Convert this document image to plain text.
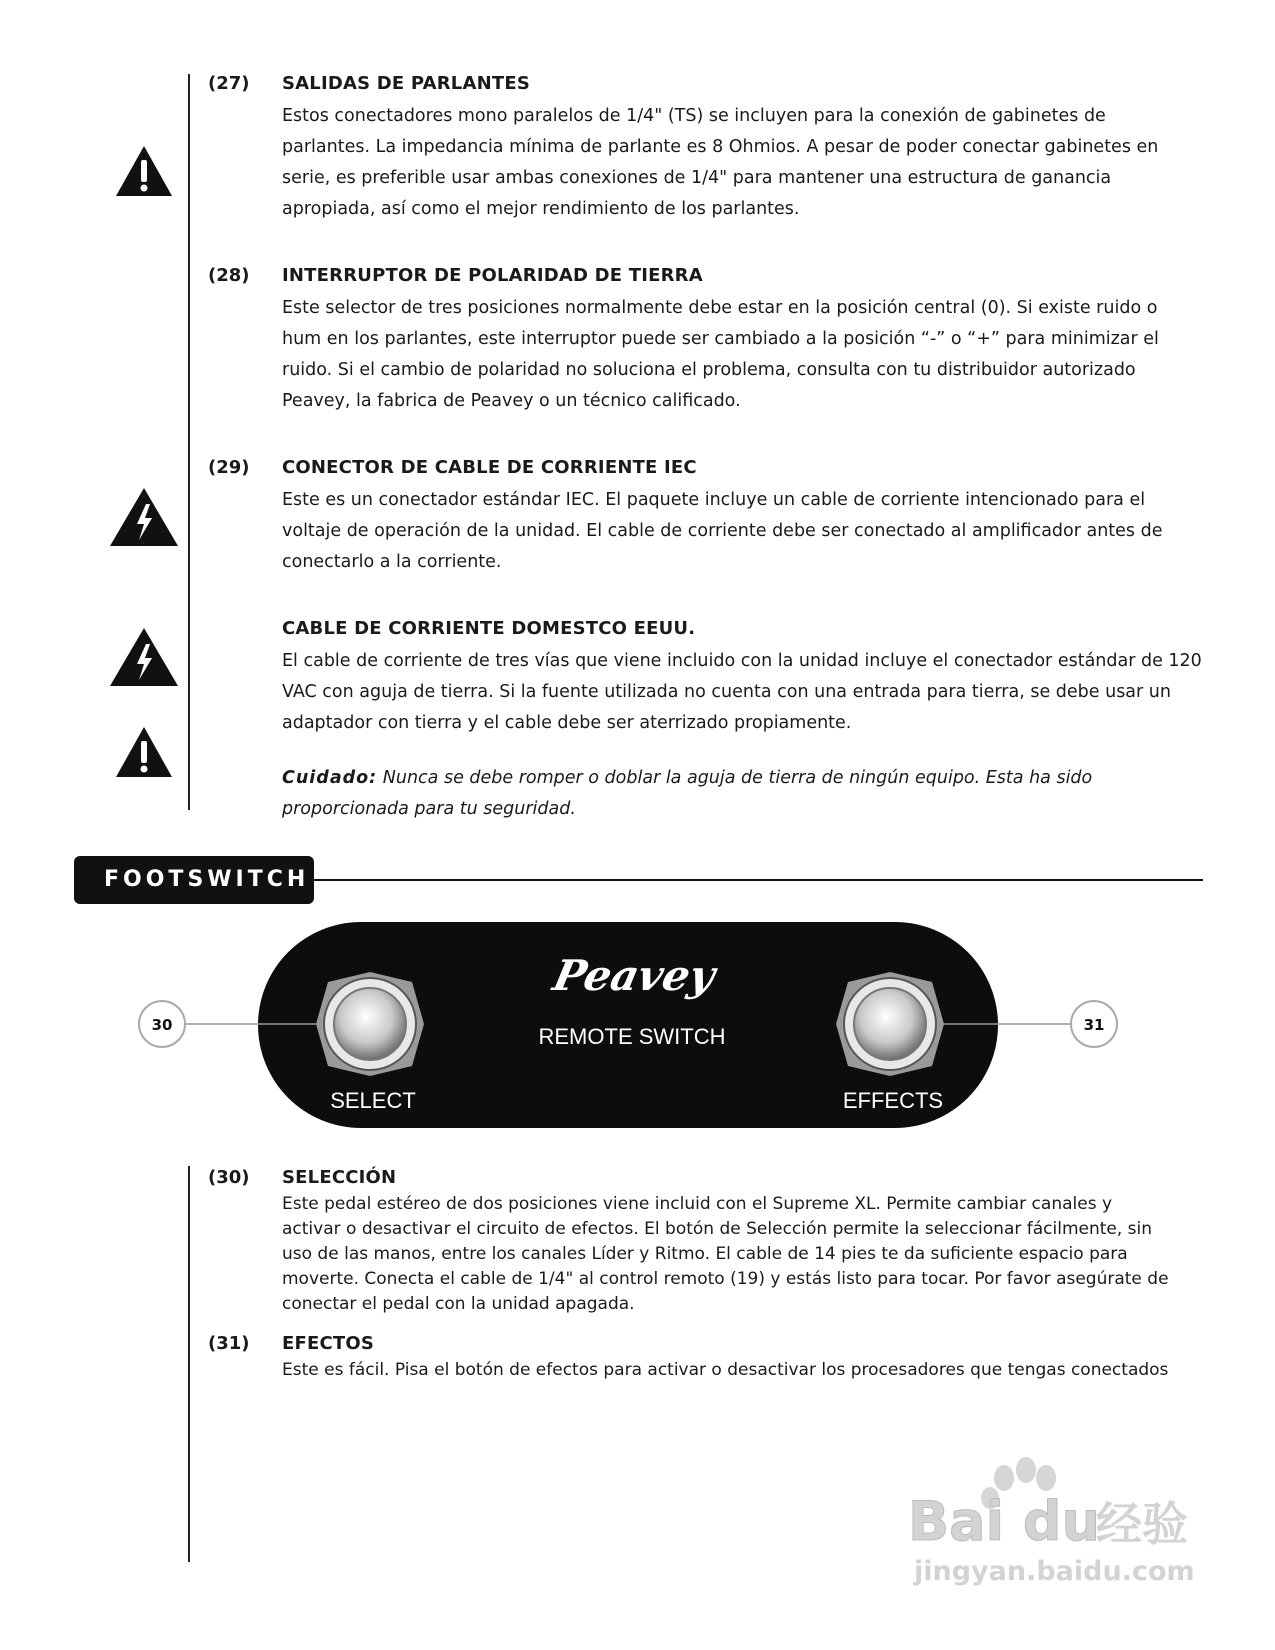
(27) SALIDAS DE PARLANTES
Estos conectadores mono paralelos de 1/4" (TS) se incluyen para la conexión de gabinetes de
parlantes. La impedancia mínima de parlante es 8 Ohmios. A pesar de poder conectar gabinetes en
serie, es preferible usar ambas conexiones de 1/4" para mantener una estructura de ganancia
apropiada, así como el mejor rendimiento de los parlantes.
(28) INTERRUPTOR DE POLARIDAD DE TIERRA
Este selector de tres posiciones normalmente debe estar en la posición central (0). Si existe ruido o
hum en los parlantes, este interruptor puede ser cambiado a la posición “-” o “+” para minimizar el
ruido. Si el cambio de polaridad no soluciona el problema, consulta con tu distribuidor autorizado
Peavey, la fabrica de Peavey o un técnico calificado.
(29) CONECTOR DE CABLE DE CORRIENTE IEC
Este es un conectador estándar IEC. El paquete incluye un cable de corriente intencionado para el
voltaje de operación de la unidad. El cable de corriente debe ser conectado al amplificador antes de
conectarlo a la corriente.
CABLE DE CORRIENTE DOMESTCO EEUU.
El cable de corriente de tres vías que viene incluido con la unidad incluye el conectador estándar de 120
VAC con aguja de tierra. Si la fuente utilizada no cuenta con una entrada para tierra, se debe usar un
adaptador con tierra y el cable debe ser aterrizado propiamente.
Cuidado: Nunca se debe romper o doblar la aguja de tierra de ningún equipo. Esta ha sido
proporcionada para tu seguridad.
FOOTSWITCH
30	31
Peavey
REMOTE SWITCH
SELECT	EFFECTS
(30) SELECCIÓN
Este pedal estéreo de dos posiciones viene incluid con el Supreme XL. Permite cambiar canales y
activar o desactivar el circuito de efectos. El botón de Selección permite la seleccionar fácilmente, sin
uso de las manos, entre los canales Líder y Ritmo. El cable de 14 pies te da suficiente espacio para
moverte. Conecta el cable de 1/4" al control remoto (19) y estás listo para tocar. Por favor asegúrate de
conectar el pedal con la unidad apagada.
(31) EFECTOS
Este es fácil. Pisa el botón de efectos para activar o desactivar los procesadores que tengas conectados
Bai du
经验
jingyan.baidu.com
